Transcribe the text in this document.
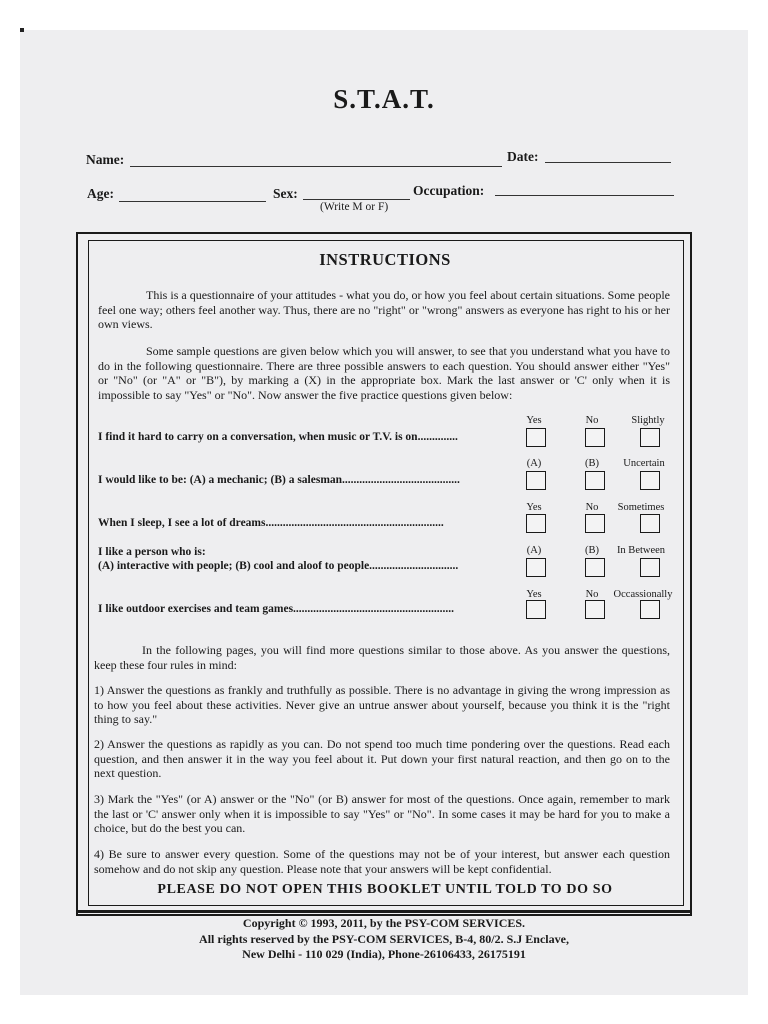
S.T.A.T.
Name:	Date:
Age:	Sex:
(Write M or F)
Occupation:
INSTRUCTIONS
This is a questionnaire of your attitudes - what you do, or how you feel about certain situations. Some people feel one way; others feel another way. Thus, there are no "right" or "wrong" answers as everyone has right to his or her own views.
Some sample questions are given below which you will answer, to see that you understand what you have to do in the following questionnaire. There are three possible answers to each question. You should answer either "Yes" or "No" (or "A" or "B"), by marking a (X) in the appropriate box. Mark the last answer or 'C' only when it is impossible to say "Yes" or "No". Now answer the five practice questions given below:
I find it hard to carry on a conversation, when music or T.V. is on..............
Yes	No	Slightly
I would like to be: (A) a mechanic; (B) a salesman.........................................
(A)	(B)	Uncertain
When I sleep, I see a lot of dreams..............................................................
Yes	No	Sometimes
I like a person who is:
(A) interactive with people; (B) cool and aloof to people...............................
(A)	(B)	In Between
I like outdoor exercises and team games........................................................
Yes	No	Occassionally
In the following pages, you will find more questions similar to those above. As you answer the questions, keep these four rules in mind:
1) Answer the questions as frankly and truthfully as possible. There is no advantage in giving the wrong impression as to how you feel about these activities. Never give an untrue answer about yourself, because you think it is the "right thing to say."
2) Answer the questions as rapidly as you can. Do not spend too much time pondering over the questions. Read each question, and then answer it in the way you feel about it. Put down your first natural reaction, and then go on to the next question.
3) Mark the "Yes" (or A) answer or the "No" (or B) answer for most of the questions. Once again, remember to mark the last or 'C' answer only when it is impossible to say "Yes" or "No". In some cases it may be hard for you to make a choice, but do the best you can.
4) Be sure to answer every question. Some of the questions may not be of your interest, but answer each question somehow and do not skip any question. Please note that your answers will be kept confidential.
PLEASE DO NOT OPEN THIS BOOKLET UNTIL TOLD TO DO SO
Copyright © 1993, 2011, by the PSY-COM SERVICES.
All rights reserved by the PSY-COM SERVICES, B-4, 80/2. S.J Enclave,
New Delhi - 110 029 (India), Phone-26106433, 26175191
